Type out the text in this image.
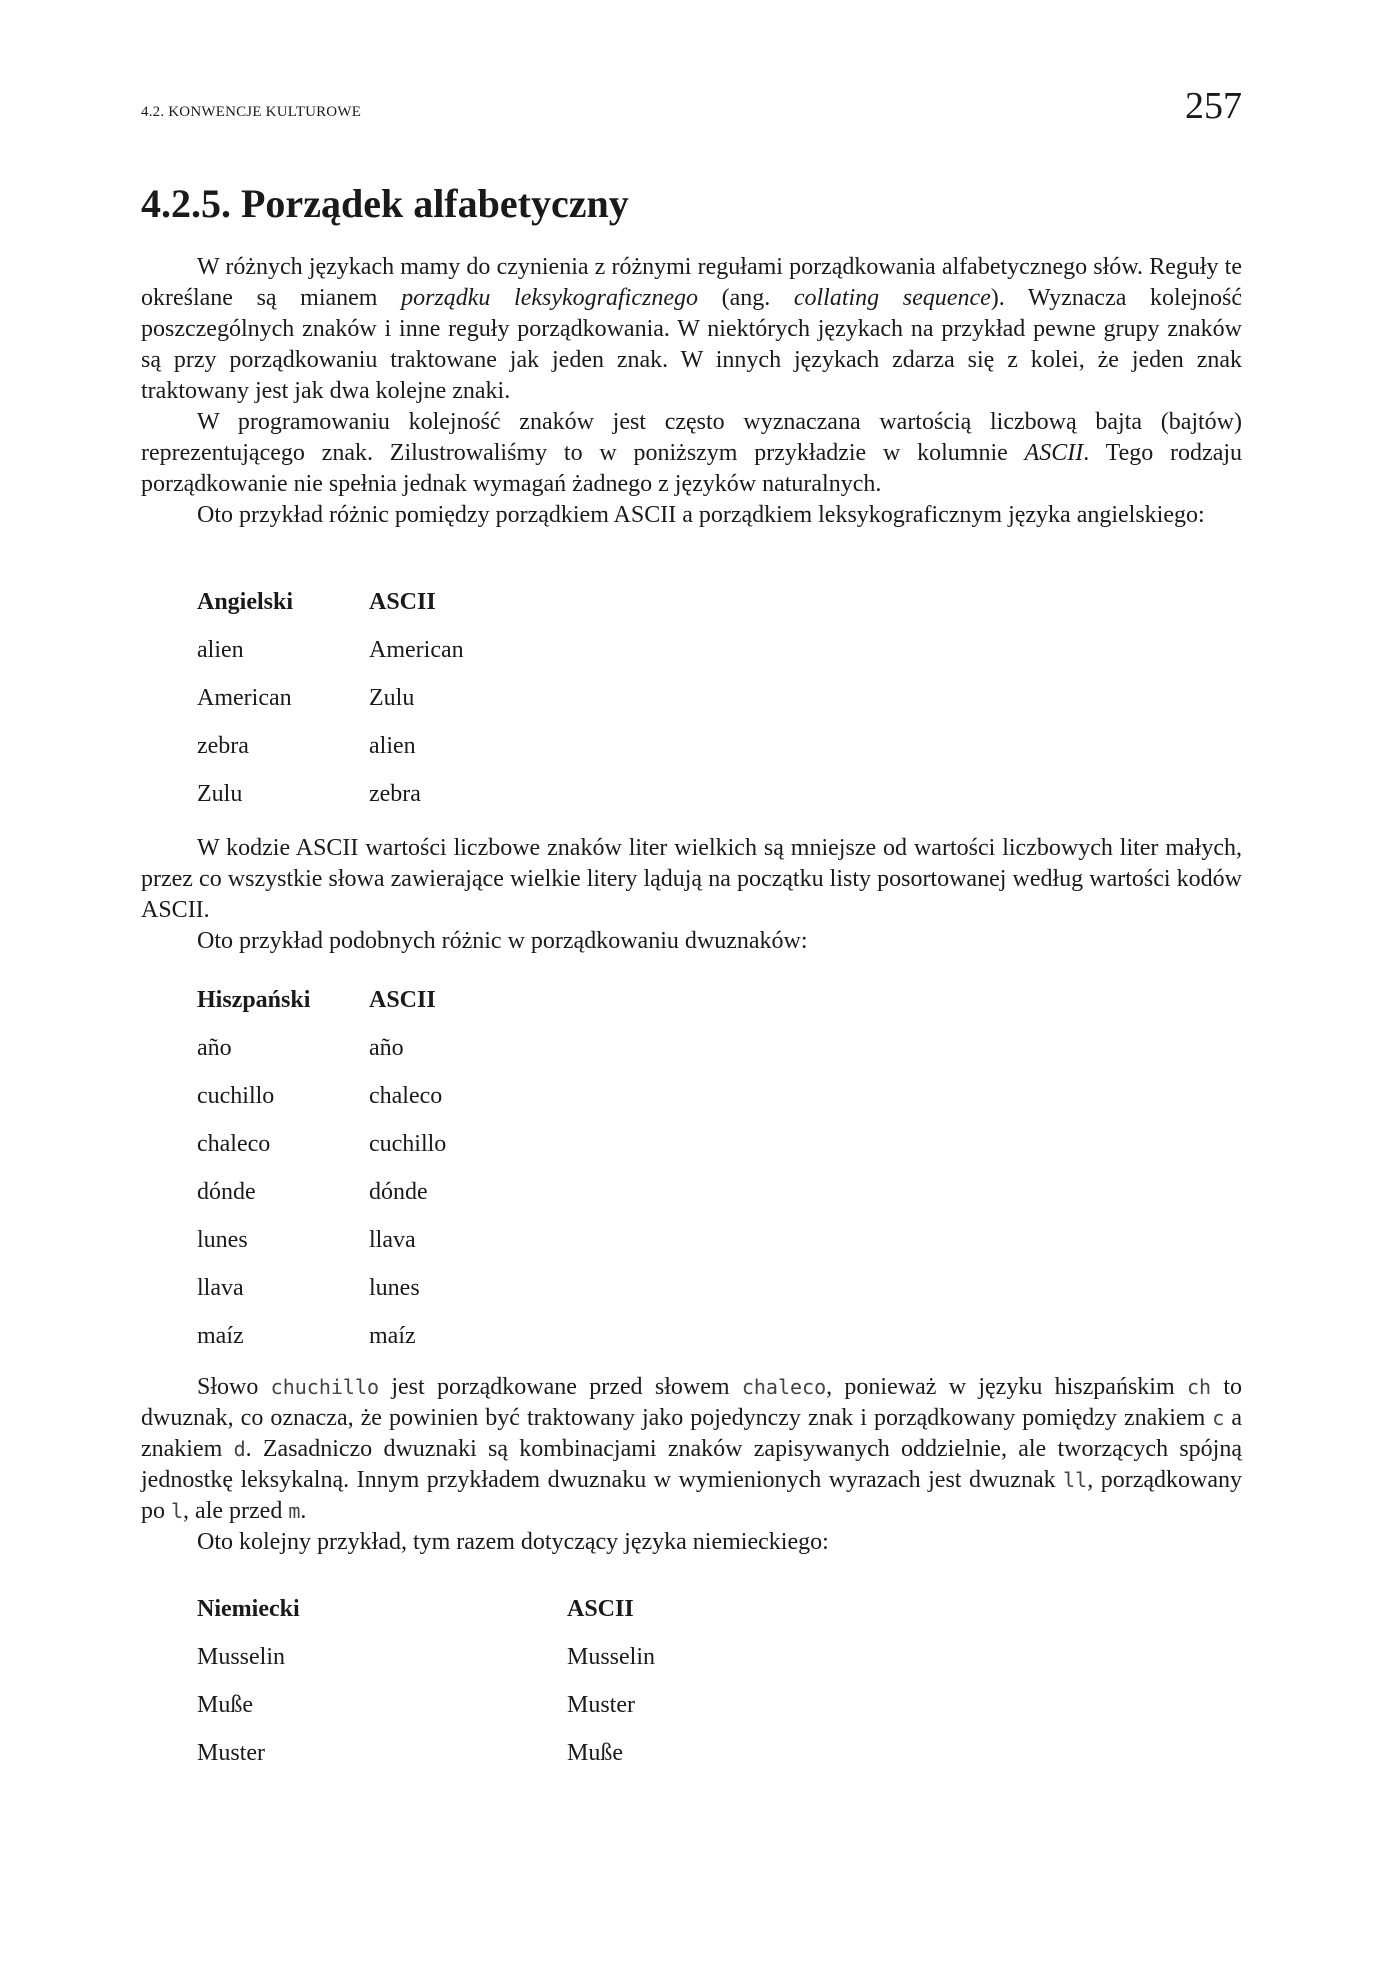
4.2. KONWENCJE KULTUROWE	257
4.2.5. Porządek alfabetyczny

W różnych językach mamy do czynienia z różnymi regułami porządkowania alfabetycznego słów. Reguły te określane są mianem porządku leksykograficznego (ang. collating sequence). Wyznacza kolejność poszczególnych znaków i inne reguły porządkowania. W niektórych językach na przykład pewne grupy znaków są przy porządkowaniu traktowane jak jeden znak. W innych językach zdarza się z kolei, że jeden znak traktowany jest jak dwa kolejne znaki.

W programowaniu kolejność znaków jest często wyznaczana wartością liczbową bajta (bajtów) reprezentującego znak. Zilustrowaliśmy to w poniższym przykładzie w kolumnie ASCII. Tego rodzaju porządkowanie nie spełnia jednak wymagań żadnego z języków naturalnych.

Oto przykład różnic pomiędzy porządkiem ASCII a porządkiem leksykograficznym języka angielskiego:

Angielski	ASCII
alien	American
American	Zulu
zebra	alien
Zulu	zebra

W kodzie ASCII wartości liczbowe znaków liter wielkich są mniejsze od wartości liczbowych liter małych, przez co wszystkie słowa zawierające wielkie litery lądują na początku listy posortowanej według wartości kodów ASCII.

Oto przykład podobnych różnic w porządkowaniu dwuznaków:

Hiszpański	ASCII
año	año
cuchillo	chaleco
chaleco	cuchillo
dónde	dónde
lunes	llava
llava	lunes
maíz	maíz

Słowo chuchillo jest porządkowane przed słowem chaleco, ponieważ w języku hiszpańskim ch to dwuznak, co oznacza, że powinien być traktowany jako pojedynczy znak i porządkowany pomiędzy znakiem c a znakiem d. Zasadniczo dwuznaki są kombinacjami znaków zapisywanych oddzielnie, ale tworzących spójną jednostkę leksykalną. Innym przykładem dwuznaku w wymienionych wyrazach jest dwuznak ll, porządkowany po l, ale przed m.

Oto kolejny przykład, tym razem dotyczący języka niemieckiego:

Niemiecki	ASCII
Musselin	Musselin
Muße	Muster
Muster	Muße
